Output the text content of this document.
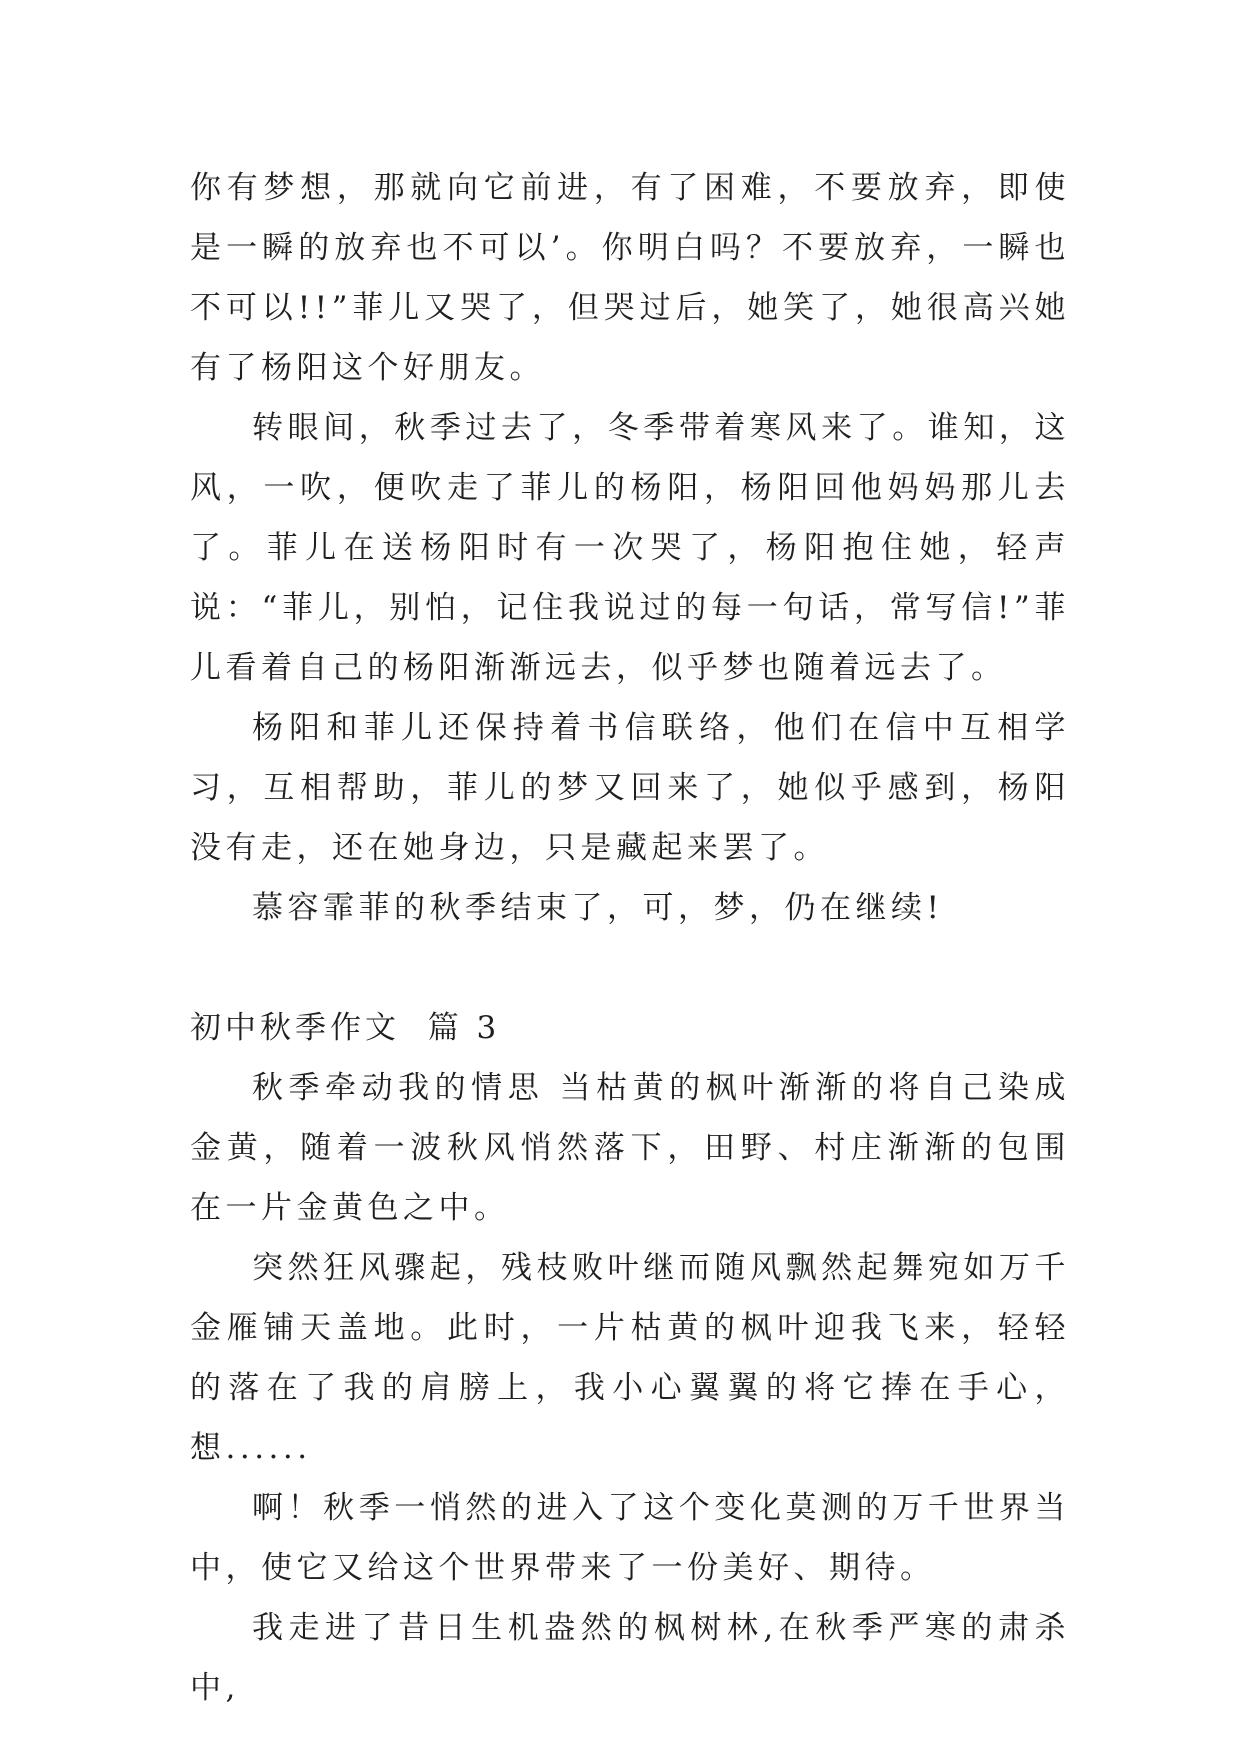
你有梦想，那就向它前进，有了困难，不要放弃，即使是一瞬的放弃也不可以’。你明白吗？不要放弃，一瞬也不可以!!”菲儿又哭了，但哭过后，她笑了，她很高兴她有了杨阳这个好朋友。

转眼间，秋季过去了，冬季带着寒风来了。谁知，这风，一吹，便吹走了菲儿的杨阳，杨阳回他妈妈那儿去了。菲儿在送杨阳时有一次哭了，杨阳抱住她，轻声说：“菲儿，别怕，记住我说过的每一句话，常写信!”菲儿看着自己的杨阳渐渐远去，似乎梦也随着远去了。

杨阳和菲儿还保持着书信联络，他们在信中互相学习，互相帮助，菲儿的梦又回来了，她似乎感到，杨阳没有走，还在她身边，只是藏起来罢了。

慕容霏菲的秋季结束了，可，梦，仍在继续!

初中秋季作文  篇 3

秋季牵动我的情思 当枯黄的枫叶渐渐的将自己染成金黄，随着一波秋风悄然落下，田野、村庄渐渐的包围在一片金黄色之中。

突然狂风骤起，残枝败叶继而随风飘然起舞宛如万千金雁铺天盖地。此时，一片枯黄的枫叶迎我飞来，轻轻的落在了我的肩膀上，我小心翼翼的将它捧在手心，想......

啊！秋季一悄然的进入了这个变化莫测的万千世界当中，使它又给这个世界带来了一份美好、期待。

我走进了昔日生机盎然的枫树林,在秋季严寒的肃杀中,
